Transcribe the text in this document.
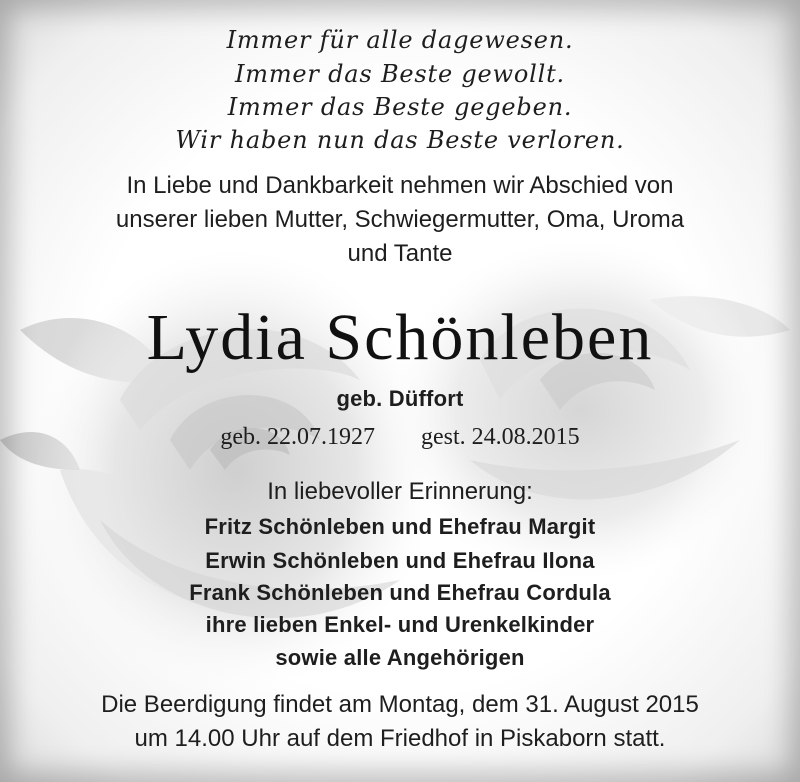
Immer für alle dagewesen.
Immer das Beste gewollt.
Immer das Beste gegeben.
Wir haben nun das Beste verloren.
In Liebe und Dankbarkeit nehmen wir Abschied von
unserer lieben Mutter, Schwiegermutter, Oma, Uroma
und Tante
Lydia Schönleben
geb. Düffort
geb. 22.07.1927 gest. 24.08.2015
In liebevoller Erinnerung:
Fritz Schönleben und Ehefrau Margit
Erwin Schönleben und Ehefrau Ilona
Frank Schönleben und Ehefrau Cordula
ihre lieben Enkel- und Urenkelkinder
sowie alle Angehörigen
Die Beerdigung findet am Montag, dem 31. August 2015
um 14.00 Uhr auf dem Friedhof in Piskaborn statt.
